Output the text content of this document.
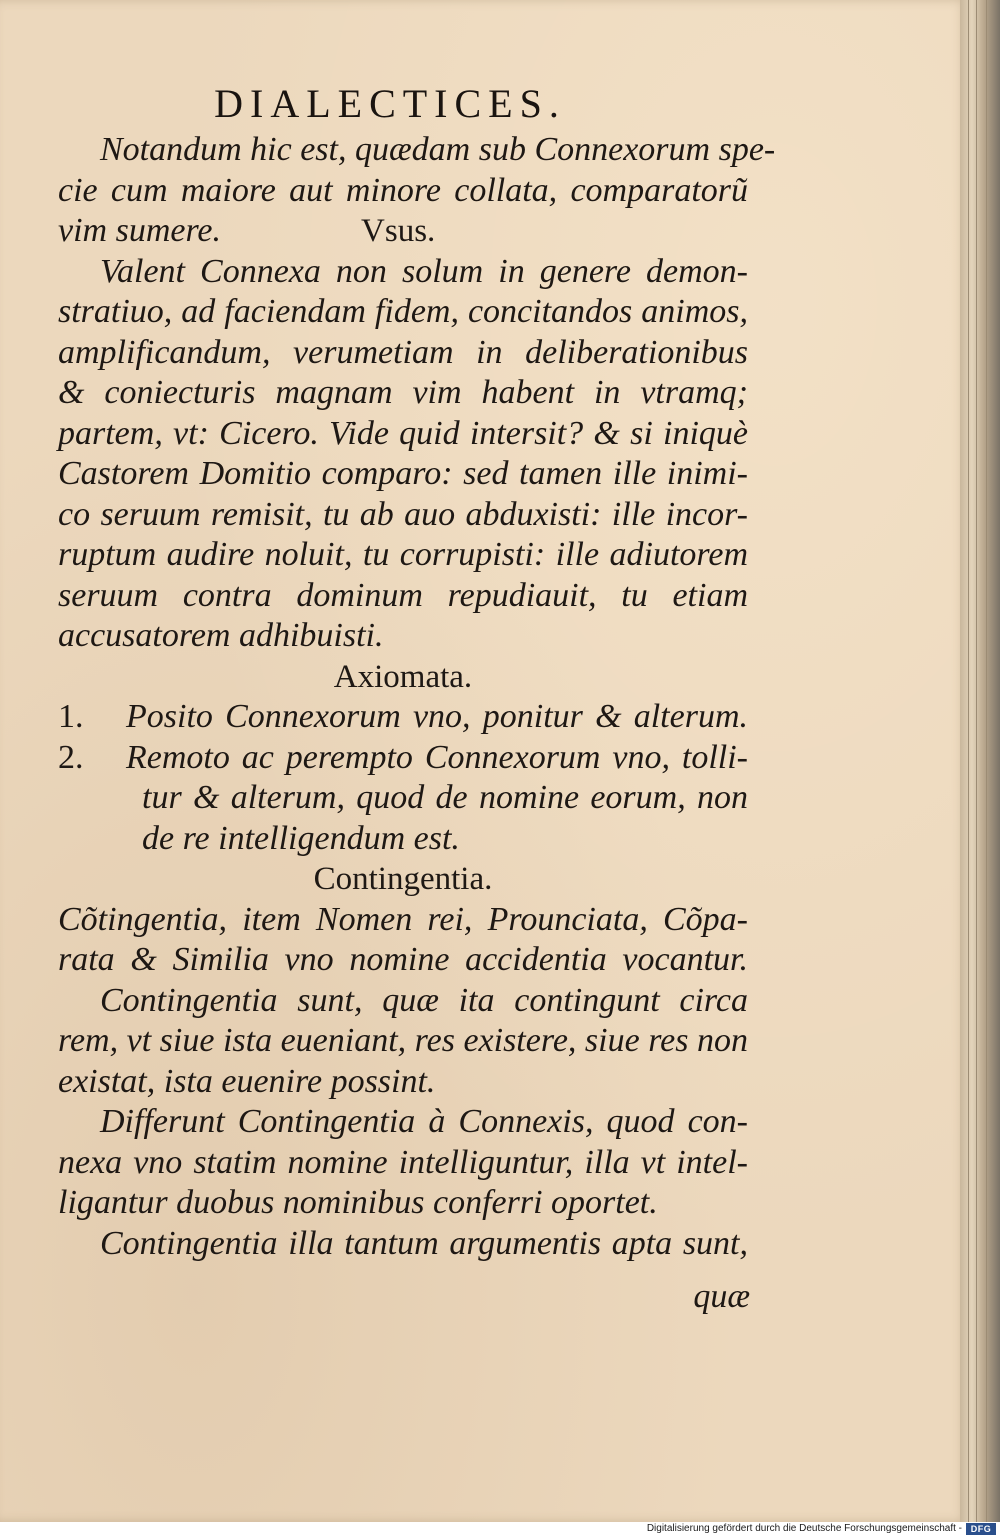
DIALECTICES.
Notandum hic est, quædam sub Connexorum spe-
cie cum maiore aut minore collata, comparatorũ
vim sumere.	Vsus.
Valent Connexa non solum in genere demon-
stratiuo, ad faciendam fidem, concitandos animos,
amplificandum, verumetiam in deliberationibus
& coniecturis magnam vim habent in vtramq;
partem, vt: Cicero. Vide quid intersit? & si iniquè
Castorem Domitio comparo: sed tamen ille inimi-
co seruum remisit, tu ab auo abduxisti: ille incor-
ruptum audire noluit, tu corrupisti: ille adiutorem
seruum contra dominum repudiauit, tu etiam
accusatorem adhibuisti.
Axiomata.
1.	Posito Connexorum vno, ponitur & alterum.
2.	Remoto ac perempto Connexorum vno, tolli-
tur & alterum, quod de nomine eorum, non
de re intelligendum est.
Contingentia.
Cõtingentia, item Nomen rei, Prounciata, Cõpa-
rata & Similia vno nomine accidentia vocantur.
Contingentia sunt, quæ ita contingunt circa
rem, vt siue ista eueniant, res existere, siue res non
existat, ista euenire possint.
Differunt Contingentia à Connexis, quod con-
nexa vno statim nomine intelliguntur, illa vt intel-
ligantur duobus nominibus conferri oportet.
Contingentia illa tantum argumentis apta sunt,
quæ
Digitalisierung gefördert durch die Deutsche Forschungsgemeinschaft - DFG
